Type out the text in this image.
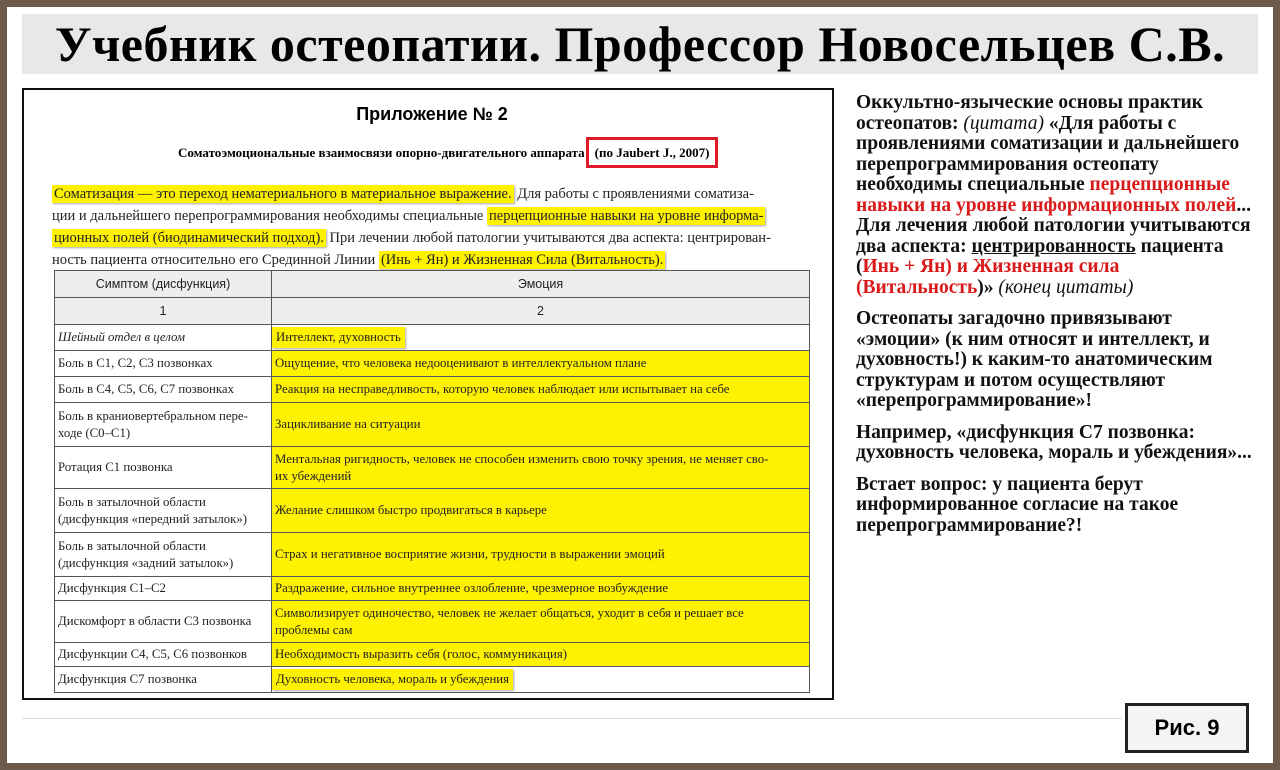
Учебник остеопатии. Профессор Новосельцев С.В.
Приложение № 2
Соматоэмоциональные взаимосвязи опорно-двигательного аппарата (по Jaubert J., 2007)

Соматизация — это переход нематериального в материальное выражение. Для работы с проявлениями соматиза-

ции и дальнейшего перепрограммирования необходимы специальные перцепционные навыки на уровне информа-

ционных полей (биодинамический подход). При лечении любой патологии учитываются два аспекта: центрирован-

ность пациента относительно его Срединной Линии (Инь + Ян) и Жизненная Сила (Витальность).

Симптом (дисфункция)	Эмоция
1	2
Шейный отдел в целом	Интеллект, духовность
Боль в C1, C2, C3 позвонках	Ощущение, что человека недооценивают в интеллектуальном плане
Боль в C4, C5, C6, C7 позвонках	Реакция на несправедливость, которую человек наблюдает или испытывает на себе
Боль в краниовертебральном пере-
ходе (C0–C1)	Зацикливание на ситуации
Ротация C1 позвонка	Ментальная ригидность, человек не способен изменить свою точку зрения, не меняет сво-
их убеждений
Боль в затылочной области
(дисфункция «передний затылок»)	Желание слишком быстро продвигаться в карьере
Боль в затылочной области
(дисфункция «задний затылок»)	Страх и негативное восприятие жизни, трудности в выражении эмоций
Дисфункция C1–C2	Раздражение, сильное внутреннее озлобление, чрезмерное возбуждение
Дискомфорт в области C3 позвонка	Символизирует одиночество, человек не желает общаться, уходит в себя и решает все
проблемы сам
Дисфункции C4, C5, C6 позвонков	Необходимость выразить себя (голос, коммуникация)
Дисфункция C7 позвонка	Духовность человека, мораль и убеждения

Оккультно-языческие основы практик остеопатов: (цитата) «Для работы с проявлениями соматизации и дальнейшего перепрограммирования остеопату необходимы специальные перцепционные навыки на уровне информационных полей... Для лечения любой патологии учитываются два аспекта: центрированность пациента (Инь + Ян) и Жизненная сила (Витальность)» (конец цитаты)

Остеопаты загадочно привязывают «эмоции» (к ним относят и интеллект, и духовность!) к каким-то анатомическим структурам и потом осуществляют «перепрограммирование»!

Например, «дисфункция С7 позвонка: духовность человека, мораль и убеждения»...

Встает вопрос: у пациента берут информированное согласие на такое перепрограммирование?!

Рис. 9
